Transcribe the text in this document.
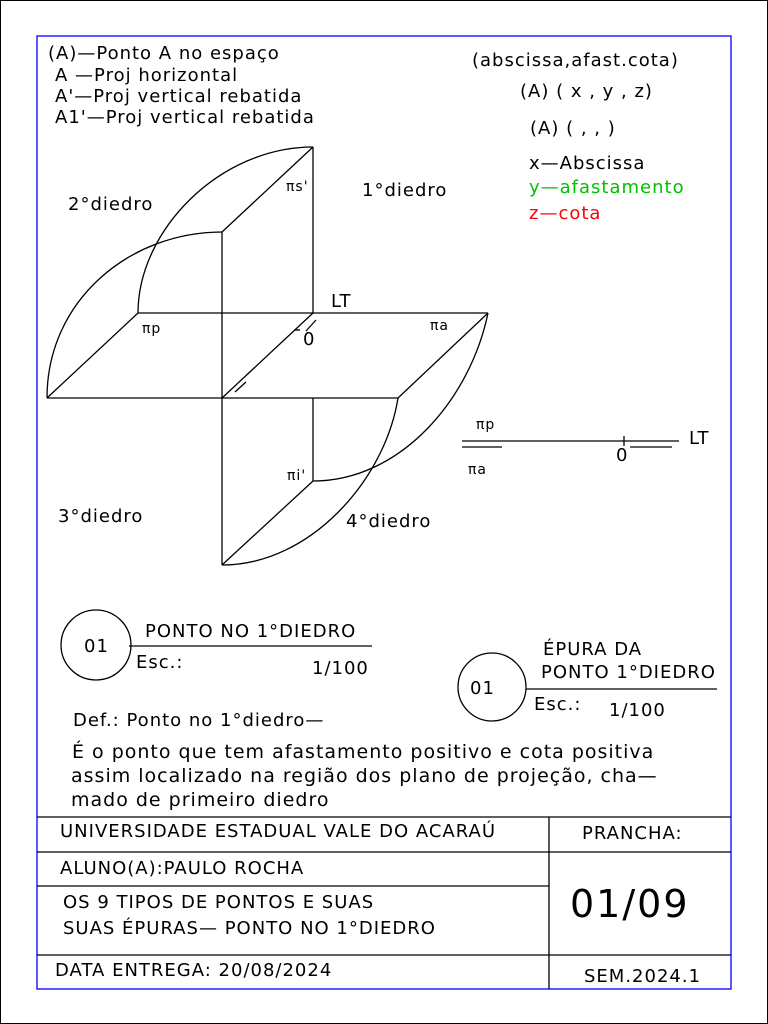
(A)—Ponto A no espaço
A —Proj horizontal
A'—Proj vertical rebatida
A1'—Proj vertical rebatida
(abscissa,afast.cota)
(A) ( x , y , z)
(A) ( , , )
x—Abscissa
y—afastamento
z—cota
2°diedro
1°diedro
3°diedro	4°diedro
LT
0
πs'
πi'
πp	πa
LT
0
πp
πa
01
PONTO NO 1°DIEDRO
Esc.:	1/100
01
ÉPURA DA
PONTO 1°DIEDRO
Esc.: 1/100
Def.: Ponto no 1°diedro—
É o ponto que tem afastamento positivo e cota positiva
assim localizado na região dos plano de projeção, cha—
mado de primeiro diedro
UNIVERSIDADE ESTADUAL VALE DO ACARAÚ	PRANCHA:
ALUNO(A):PAULO ROCHA
OS 9 TIPOS DE PONTOS E SUAS
SUAS ÉPURAS— PONTO NO 1°DIEDRO
01/09
DATA ENTREGA: 20/08/2024	SEM.2024.1
